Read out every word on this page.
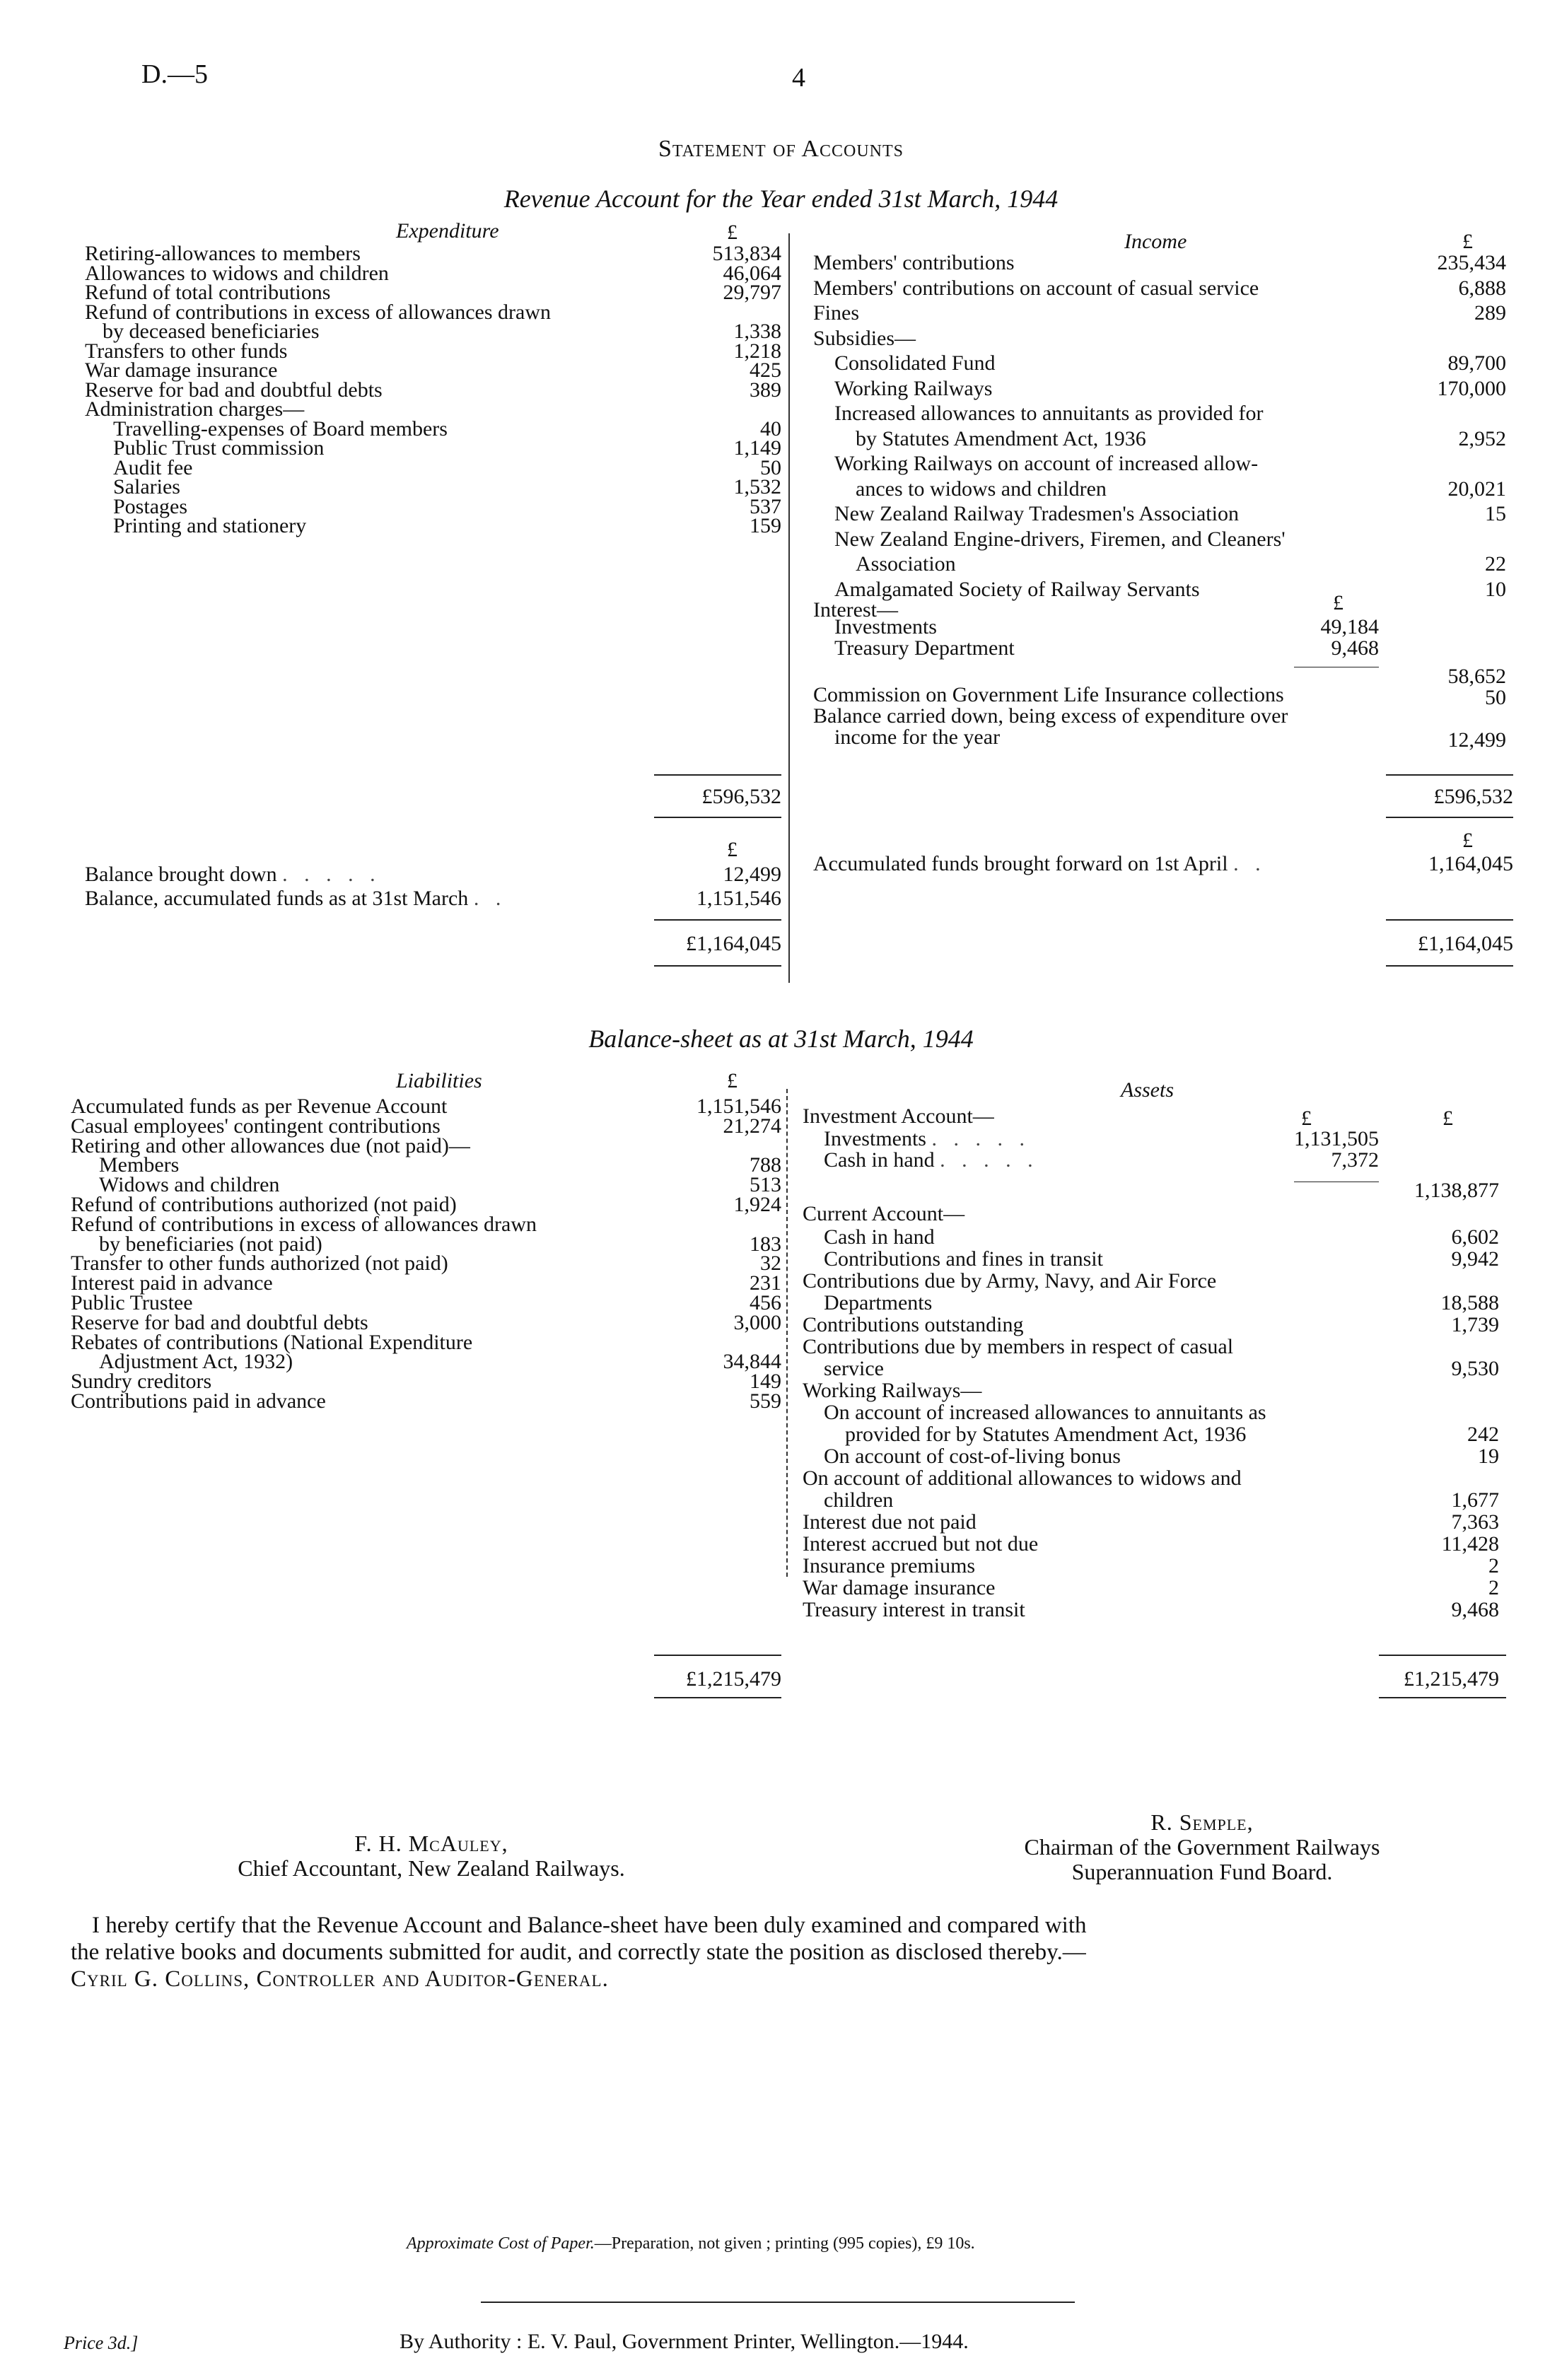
D.—5	4
Statement of Accounts
Revenue Account for the Year ended 31st March, 1944
Expenditure	£	Income	£
Retiring-allowances to members	513,834
Allowances to widows and children	46,064
Refund of total contributions	29,797
Refund of contributions in excess of allowances drawn
by deceased beneficiaries	1,338
Transfers to other funds	1,218
War damage insurance	425
Reserve for bad and doubtful debts	389
Administration charges—
Travelling-expenses of Board members	40
Public Trust commission	1,149
Audit fee	50
Salaries	1,532
Postages	537
Printing and stationery	159
Members' contributions	235,434
Members' contributions on account of casual service	6,888
Fines	289
Subsidies—
Consolidated Fund	89,700
Working Railways	170,000
Increased allowances to annuitants as provided for
by Statutes Amendment Act, 1936	2,952
Working Railways on account of increased allow-
ances to widows and children	20,021
New Zealand Railway Tradesmen's Association	15
New Zealand Engine-drivers, Firemen, and Cleaners'
Association	22
Amalgamated Society of Railway Servants	10
Interest—	£
Investments	49,184
Treasury Department	9,468
58,652
Commission on Government Life Insurance collections	50
Balance carried down, being excess of expenditure over
income for the year	12,499
£596,532	£596,532
£	£
Balance brought down . . . . .	12,499
Balance, accumulated funds as at 31st March . .	1,151,546
Accumulated funds brought forward on 1st April . .	1,164,045
£1,164,045	£1,164,045
Balance-sheet as at 31st March, 1944
Liabilities	£	Assets
£	£
Accumulated funds as per Revenue Account	1,151,546
Casual employees' contingent contributions	21,274
Retiring and other allowances due (not paid)—
Members	788
Widows and children	513
Refund of contributions authorized (not paid)	1,924
Refund of contributions in excess of allowances drawn
by beneficiaries (not paid)	183
Transfer to other funds authorized (not paid)	32
Interest paid in advance	231
Public Trustee	456
Reserve for bad and doubtful debts	3,000
Rebates of contributions (National Expenditure
Adjustment Act, 1932)	34,844
Sundry creditors	149
Contributions paid in advance	559
Investment Account—
Investments . . . . .	1,131,505
Cash in hand . . . . .	7,372
1,138,877
Current Account—
Cash in hand	6,602
Contributions and fines in transit	9,942
Contributions due by Army, Navy, and Air Force
Departments	18,588
Contributions outstanding	1,739
Contributions due by members in respect of casual
service	9,530
Working Railways—
On account of increased allowances to annuitants as
provided for by Statutes Amendment Act, 1936	242
On account of cost-of-living bonus	19
On account of additional allowances to widows and
children	1,677
Interest due not paid	7,363
Interest accrued but not due	11,428
Insurance premiums	2
War damage insurance	2
Treasury interest in transit	9,468
£1,215,479	£1,215,479
F. H. McAuley,
Chief Accountant, New Zealand Railways.
R. Semple,
Chairman of the Government Railways
Superannuation Fund Board.
I hereby certify that the Revenue Account and Balance-sheet have been duly examined and compared with
the relative books and documents submitted for audit, and correctly state the position as disclosed thereby.—
Cyril G. Collins, Controller and Auditor-General.
Approximate Cost of Paper.—Preparation, not given ; printing (995 copies), £9 10s.
Price 3d.]	By Authority : E. V. Paul, Government Printer, Wellington.—1944.
